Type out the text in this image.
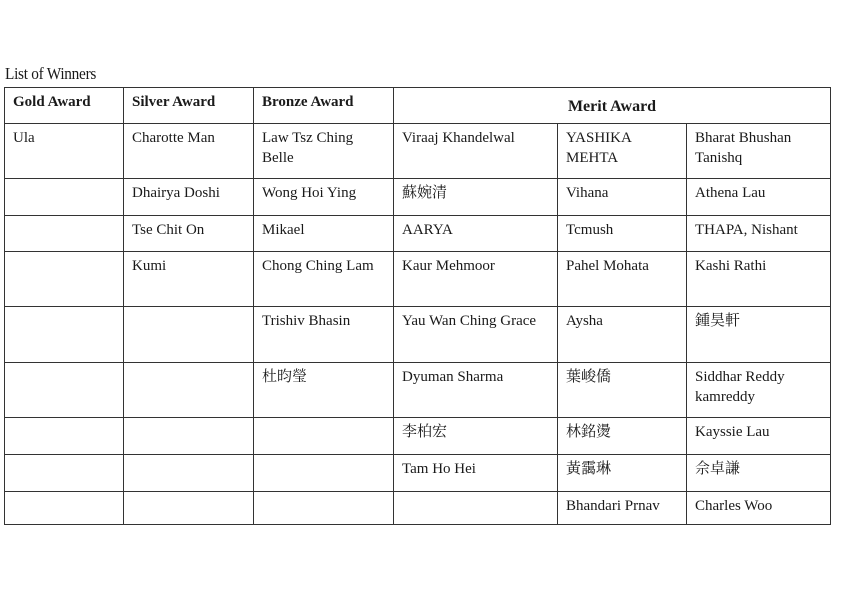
List of Winners
Gold Award	Silver Award	Bronze Award	Merit Award		

Ula	Charotte Man	Law Tsz Ching Belle	Viraaj Khandelwal	YASHIKA MEHTA	Bharat Bhushan Tanishq

	Dhairya Doshi	Wong Hoi Ying	蘇婉清	Vihana	Athena Lau

	Tse Chit On	Mikael	AARYA	Tcmush	THAPA, Nishant

	Kumi	Chong Ching Lam	Kaur Mehmoor	Pahel Mohata	Kashi Rathi

		Trishiv Bhasin	Yau Wan Ching Grace	Aysha	鍾昊軒

		杜昀瑩	Dyuman Sharma	葉峻僑	Siddhar Reddy kamreddy

			李柏宏	林銘燙	Kayssie Lau

			Tam Ho Hei	黃靄琳	佘卓謙

				Bhandari Prnav	Charles Woo
